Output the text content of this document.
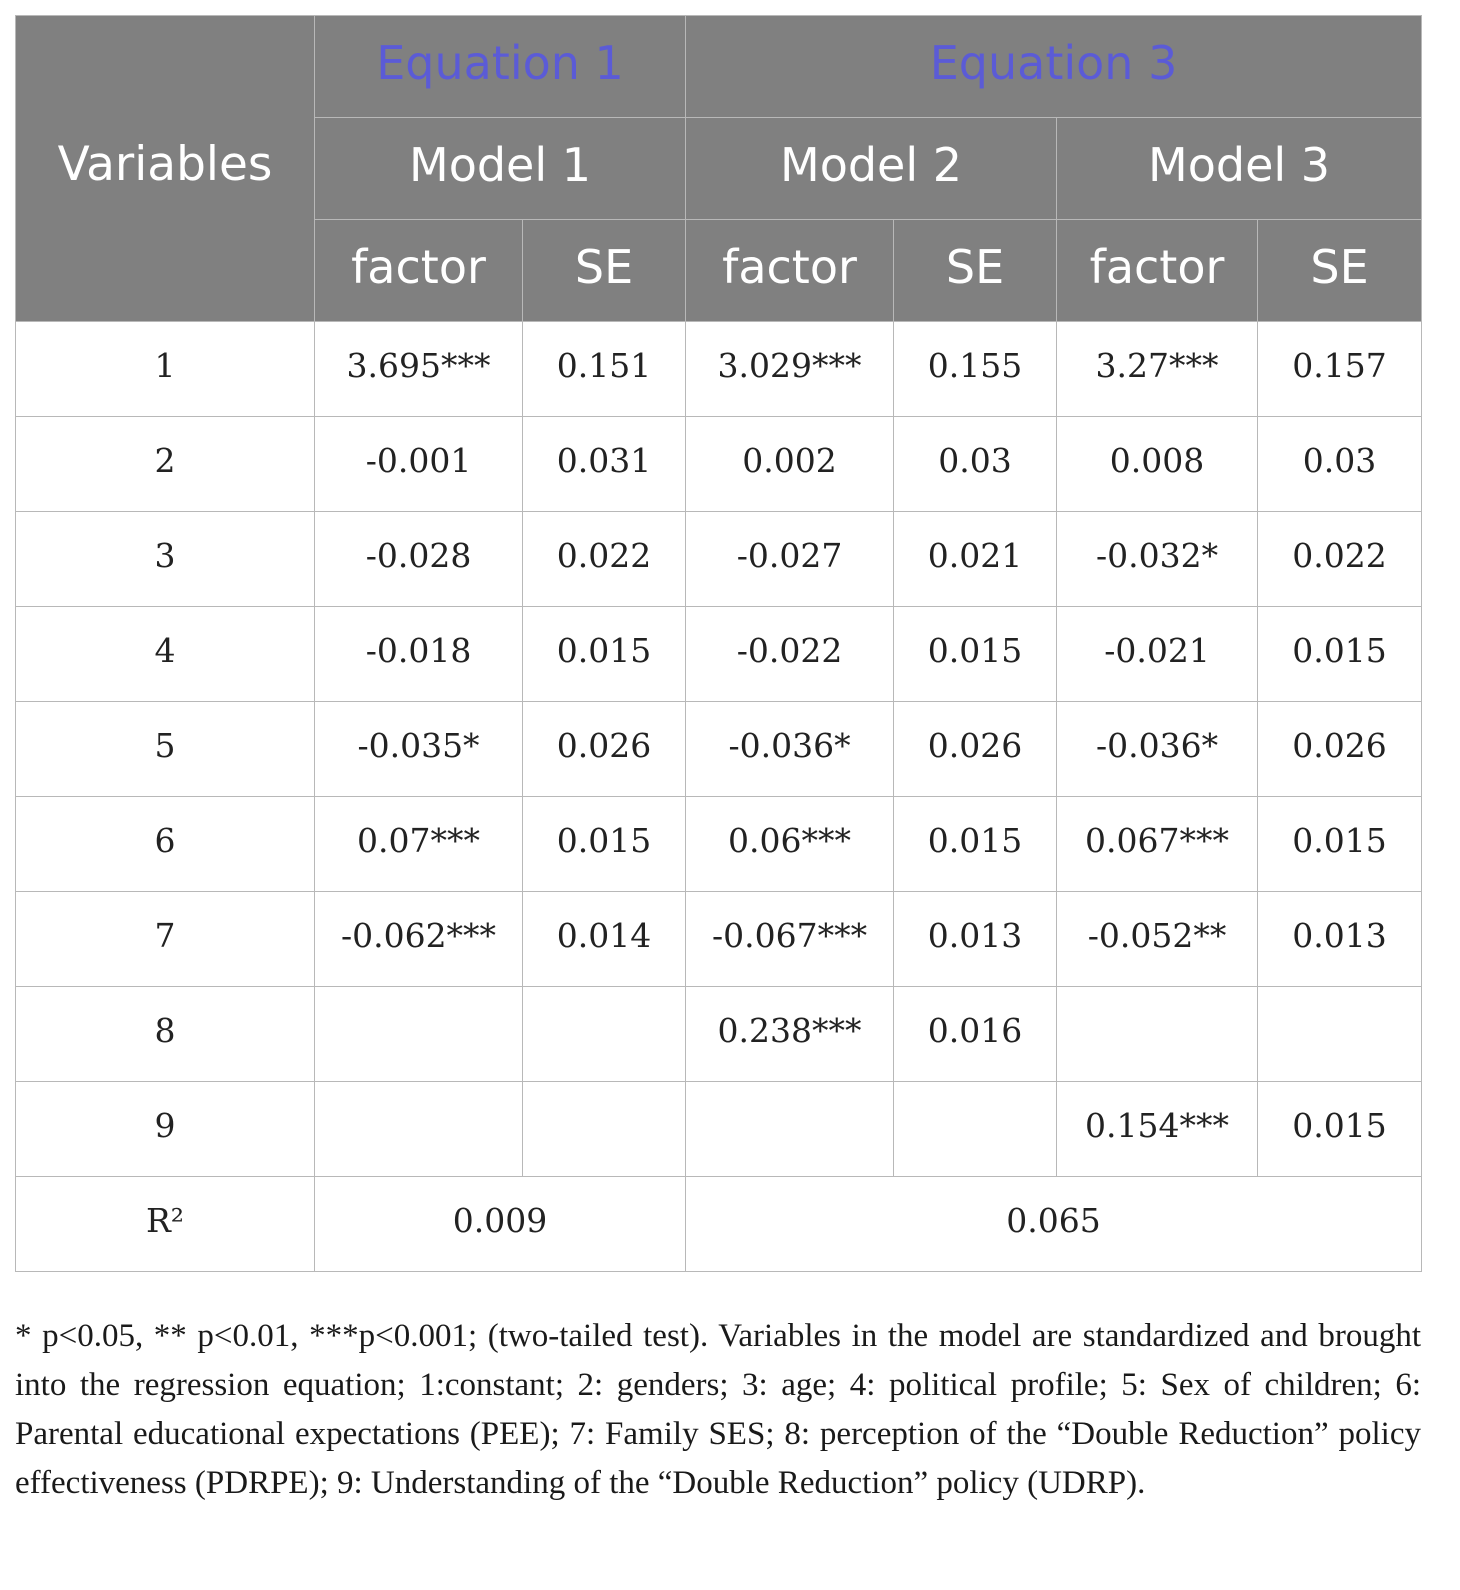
Variables	Equation 1		Equation 3			
	Model 1		Model 2		Model 3	
	factor	SE	factor	SE	factor	SE
1	3.695***	0.151	3.029***	0.155	3.27***	0.157
2	-0.001	0.031	0.002	0.03	0.008	0.03
3	-0.028	0.022	-0.027	0.021	-0.032*	0.022
4	-0.018	0.015	-0.022	0.015	-0.021	0.015
5	-0.035*	0.026	-0.036*	0.026	-0.036*	0.026
6	0.07***	0.015	0.06***	0.015	0.067***	0.015
7	-0.062***	0.014	-0.067***	0.013	-0.052**	0.013
8			0.238***	0.016		
9					0.154***	0.015
R²	0.009		0.065			

* p<0.05, ** p<0.01, ***p<0.001; (two-tailed test). Variables in the model are standardized and brought into the regression equation; 1:constant; 2: genders; 3: age; 4: political profile; 5: Sex of children; 6: Parental educational expectations (PEE); 7: Family SES; 8: perception of the “Double Reduction” policy effectiveness (PDRPE); 9: Understanding of the “Double Reduction” policy (UDRP).
